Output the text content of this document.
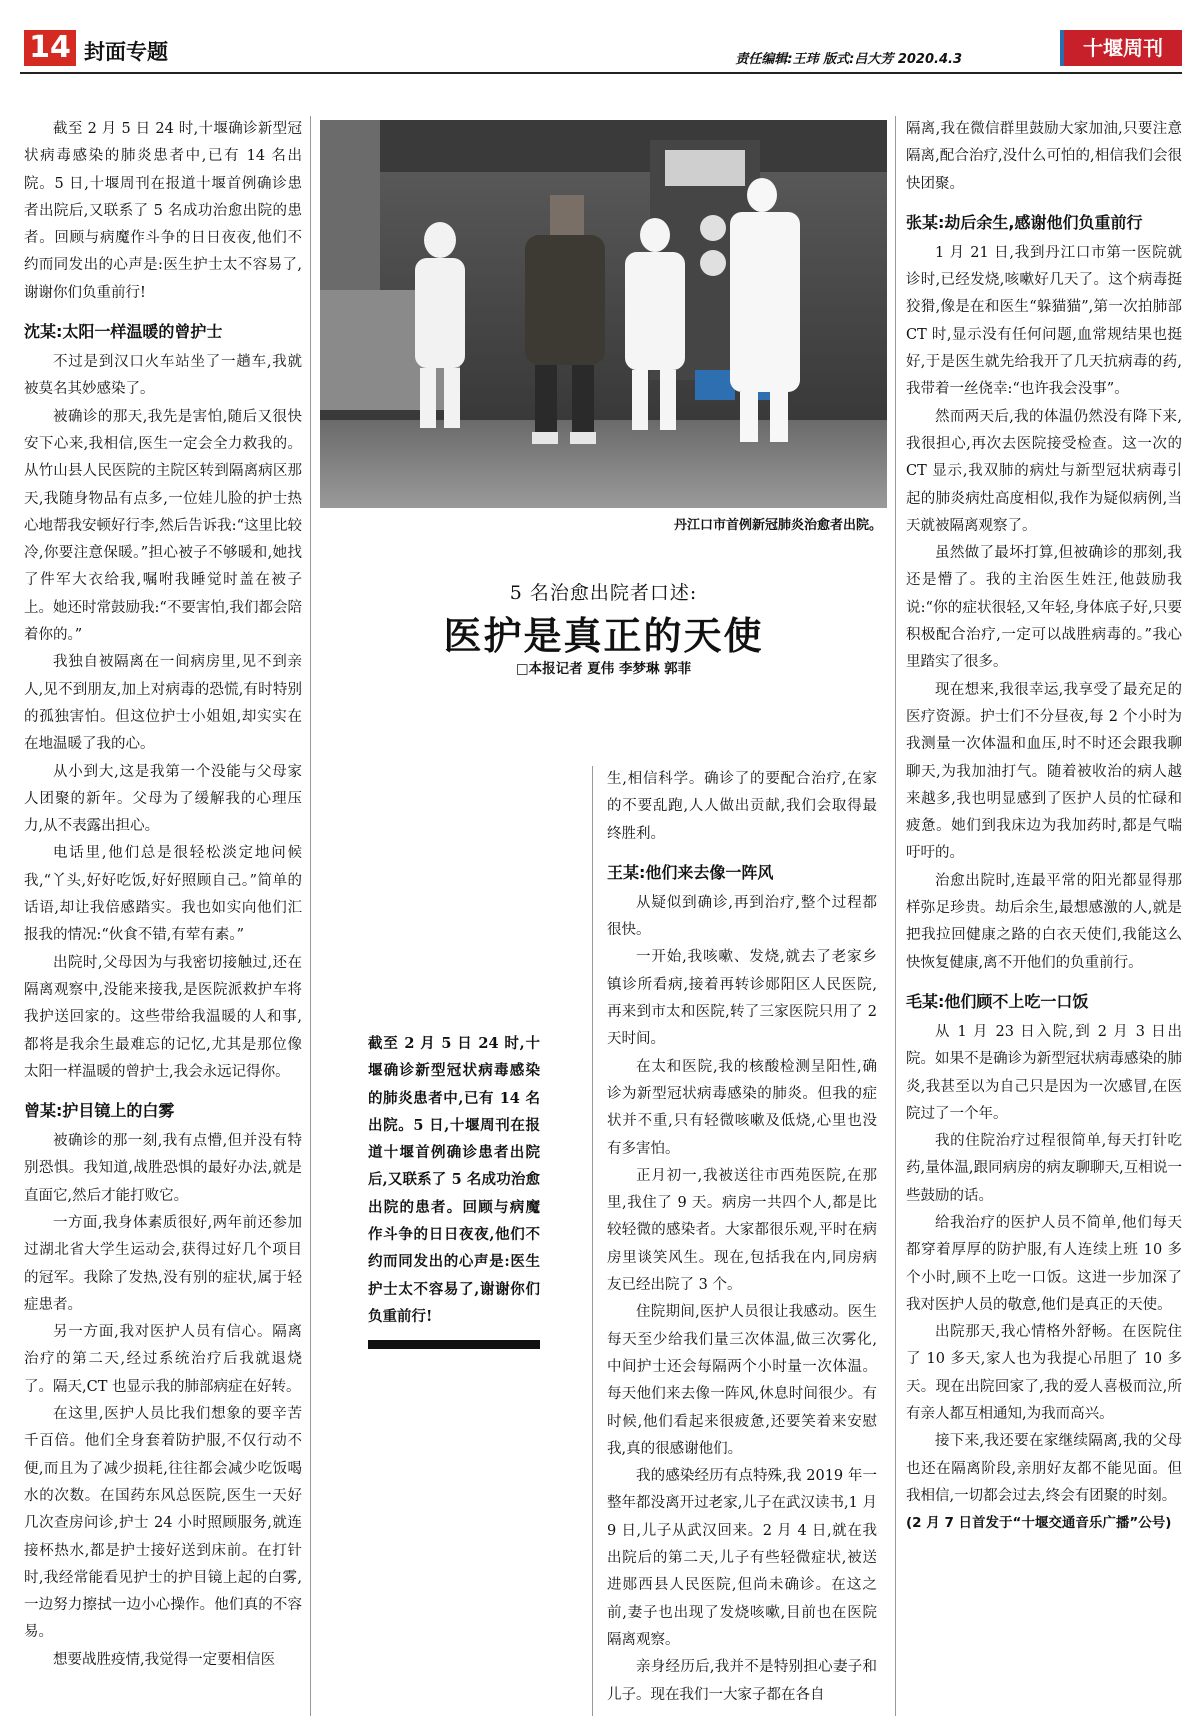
14 封面专题	责任编辑:王玮 版式:吕大芳 2020.4.3	十堰周刊

截至 2 月 5 日 24 时,十堰确诊新型冠状病毒感染的肺炎患者中,已有 14 名出院。5 日,十堰周刊在报道十堰首例确诊患者出院后,又联系了 5 名成功治愈出院的患者。回顾与病魔作斗争的日日夜夜,他们不约而同发出的心声是:医生护士太不容易了,谢谢你们负重前行!

沈某:太阳一样温暖的曾护士

不过是到汉口火车站坐了一趟车,我就被莫名其妙感染了。

被确诊的那天,我先是害怕,随后又很快安下心来,我相信,医生一定会全力救我的。从竹山县人民医院的主院区转到隔离病区那天,我随身物品有点多,一位娃儿脸的护士热心地帮我安顿好行李,然后告诉我:“这里比较冷,你要注意保暖。”担心被子不够暖和,她找了件军大衣给我,嘱咐我睡觉时盖在被子上。她还时常鼓励我:“不要害怕,我们都会陪着你的。”

我独自被隔离在一间病房里,见不到亲人,见不到朋友,加上对病毒的恐慌,有时特别的孤独害怕。但这位护士小姐姐,却实实在在地温暖了我的心。

从小到大,这是我第一个没能与父母家人团聚的新年。父母为了缓解我的心理压力,从不表露出担心。

电话里,他们总是很轻松淡定地问候我,“丫头,好好吃饭,好好照顾自己。”简单的话语,却让我倍感踏实。我也如实向他们汇报我的情况:“伙食不错,有荤有素。”

出院时,父母因为与我密切接触过,还在隔离观察中,没能来接我,是医院派救护车将我护送回家的。这些带给我温暖的人和事,都将是我余生最难忘的记忆,尤其是那位像太阳一样温暖的曾护士,我会永远记得你。

曾某:护目镜上的白雾

被确诊的那一刻,我有点懵,但并没有特别恐惧。我知道,战胜恐惧的最好办法,就是直面它,然后才能打败它。

一方面,我身体素质很好,两年前还参加过湖北省大学生运动会,获得过好几个项目的冠军。我除了发热,没有别的症状,属于轻症患者。

另一方面,我对医护人员有信心。隔离治疗的第二天,经过系统治疗后我就退烧了。隔天,CT 也显示我的肺部病症在好转。

在这里,医护人员比我们想象的要辛苦千百倍。他们全身套着防护服,不仅行动不便,而且为了减少损耗,往往都会减少吃饭喝水的次数。在国药东风总医院,医生一天好几次查房问诊,护士 24 小时照顾服务,就连接杯热水,都是护士接好送到床前。在打针时,我经常能看见护士的护目镜上起的白雾,一边努力擦拭一边小心操作。他们真的不容易。

想要战胜疫情,我觉得一定要相信医

丹江口市首例新冠肺炎治愈者出院。
5 名治愈出院者口述:
医护是真正的天使
□本报记者 夏伟 李梦琳 郭菲
截至 2 月 5 日 24 时,十堰确诊新型冠状病毒感染的肺炎患者中,已有 14 名出院。5 日,十堰周刊在报道十堰首例确诊患者出院后,又联系了 5 名成功治愈出院的患者。回顾与病魔作斗争的日日夜夜,他们不约而同发出的心声是:医生护士太不容易了,谢谢你们负重前行!

生,相信科学。确诊了的要配合治疗,在家的不要乱跑,人人做出贡献,我们会取得最终胜利。

王某:他们来去像一阵风

从疑似到确诊,再到治疗,整个过程都很快。

一开始,我咳嗽、发烧,就去了老家乡镇诊所看病,接着再转诊郧阳区人民医院,再来到市太和医院,转了三家医院只用了 2 天时间。

在太和医院,我的核酸检测呈阳性,确诊为新型冠状病毒感染的肺炎。但我的症状并不重,只有轻微咳嗽及低烧,心里也没有多害怕。

正月初一,我被送往市西苑医院,在那里,我住了 9 天。病房一共四个人,都是比较轻微的感染者。大家都很乐观,平时在病房里谈笑风生。现在,包括我在内,同房病友已经出院了 3 个。

住院期间,医护人员很让我感动。医生每天至少给我们量三次体温,做三次雾化,中间护士还会每隔两个小时量一次体温。每天他们来去像一阵风,休息时间很少。有时候,他们看起来很疲惫,还要笑着来安慰我,真的很感谢他们。

我的感染经历有点特殊,我 2019 年一整年都没离开过老家,儿子在武汉读书,1 月 9 日,儿子从武汉回来。2 月 4 日,就在我出院后的第二天,儿子有些轻微症状,被送进郧西县人民医院,但尚未确诊。在这之前,妻子也出现了发烧咳嗽,目前也在医院隔离观察。

亲身经历后,我并不是特别担心妻子和儿子。现在我们一大家子都在各自

隔离,我在微信群里鼓励大家加油,只要注意隔离,配合治疗,没什么可怕的,相信我们会很快团聚。

张某:劫后余生,感谢他们负重前行

1 月 21 日,我到丹江口市第一医院就诊时,已经发烧,咳嗽好几天了。这个病毒挺狡猾,像是在和医生“躲猫猫”,第一次拍肺部 CT 时,显示没有任何问题,血常规结果也挺好,于是医生就先给我开了几天抗病毒的药,我带着一丝侥幸:“也许我会没事”。

然而两天后,我的体温仍然没有降下来,我很担心,再次去医院接受检查。这一次的 CT 显示,我双肺的病灶与新型冠状病毒引起的肺炎病灶高度相似,我作为疑似病例,当天就被隔离观察了。

虽然做了最坏打算,但被确诊的那刻,我还是懵了。我的主治医生姓汪,他鼓励我说:“你的症状很轻,又年轻,身体底子好,只要积极配合治疗,一定可以战胜病毒的。”我心里踏实了很多。

现在想来,我很幸运,我享受了最充足的医疗资源。护士们不分昼夜,每 2 个小时为我测量一次体温和血压,时不时还会跟我聊聊天,为我加油打气。随着被收治的病人越来越多,我也明显感到了医护人员的忙碌和疲惫。她们到我床边为我加药时,都是气喘吁吁的。

治愈出院时,连最平常的阳光都显得那样弥足珍贵。劫后余生,最想感激的人,就是把我拉回健康之路的白衣天使们,我能这么快恢复健康,离不开他们的负重前行。

毛某:他们顾不上吃一口饭

从 1 月 23 日入院,到 2 月 3 日出院。如果不是确诊为新型冠状病毒感染的肺炎,我甚至以为自己只是因为一次感冒,在医院过了一个年。

我的住院治疗过程很简单,每天打针吃药,量体温,跟同病房的病友聊聊天,互相说一些鼓励的话。

给我治疗的医护人员不简单,他们每天都穿着厚厚的防护服,有人连续上班 10 多个小时,顾不上吃一口饭。这进一步加深了我对医护人员的敬意,他们是真正的天使。

出院那天,我心情格外舒畅。在医院住了 10 多天,家人也为我提心吊胆了 10 多天。现在出院回家了,我的爱人喜极而泣,所有亲人都互相通知,为我而高兴。

接下来,我还要在家继续隔离,我的父母也还在隔离阶段,亲朋好友都不能见面。但我相信,一切都会过去,终会有团聚的时刻。

(2 月 7 日首发于“十堰交通音乐广播”公号)
